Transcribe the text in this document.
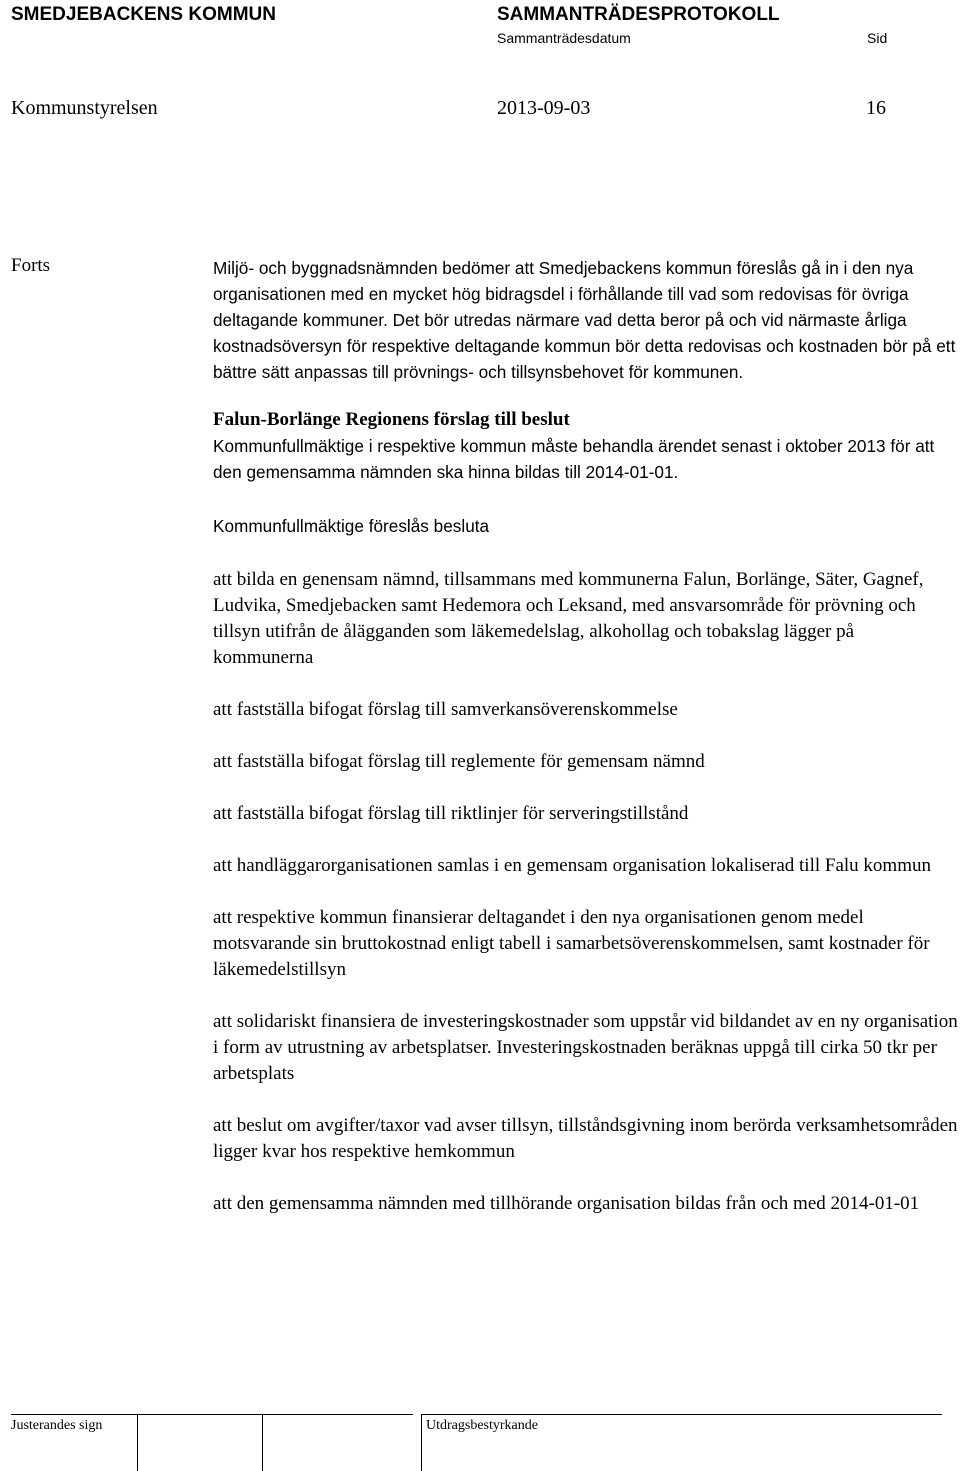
SMEDJEBACKENS KOMMUN	SAMMANTRÄDESPROTOKOLL
Sammanträdesdatum	Sid
Kommunstyrelsen	2013-09-03	16
Forts	Miljö- och byggnadsnämnden bedömer att Smedjebackens kommun föreslås gå in i den nya organisationen med en mycket hög bidragsdel i förhållande till vad som redovisas för övriga deltagande kommuner. Det bör utredas närmare vad detta beror på och vid närmaste årliga kostnadsöversyn för respektive deltagande kommun bör detta redovisas och kostnaden bör på ett bättre sätt anpassas till prövnings- och tillsynsbehovet för kommunen.

Falun-Borlänge Regionens förslag till beslut
Kommunfullmäktige i respektive kommun måste behandla ärendet senast i oktober 2013 för att den gemensamma nämnden ska hinna bildas till 2014-01-01.

Kommunfullmäktige föreslås besluta

att bilda en genensam nämnd, tillsammans med kommunerna Falun, Borlänge, Säter, Gagnef, Ludvika, Smedjebacken samt Hedemora och Leksand, med ansvarsområde för prövning och tillsyn utifrån de ålägganden som läkemedelslag, alkohollag och tobakslag lägger på kommunerna

att fastställa bifogat förslag till samverkansöverenskommelse

att fastställa bifogat förslag till reglemente för gemensam nämnd

att fastställa bifogat förslag till riktlinjer för serveringstillstånd

att handläggarorganisationen samlas i en gemensam organisation lokaliserad till Falu kommun

att respektive kommun finansierar deltagandet i den nya organisationen genom medel motsvarande sin bruttokostnad enligt tabell i samarbetsöverenskommelsen, samt kostnader för läkemedelstillsyn

att solidariskt finansiera de investeringskostnader som uppstår vid bildandet av en ny organisation i form av utrustning av arbetsplatser. Investeringskostnaden beräknas uppgå till cirka 50 tkr per arbetsplats

att beslut om avgifter/taxor vad avser tillsyn, tillståndsgivning inom berörda verksamhetsområden ligger kvar hos respektive hemkommun

att den gemensamma nämnden med tillhörande organisation bildas från och med 2014-01-01

Justerandes sign	Utdragsbestyrkande
